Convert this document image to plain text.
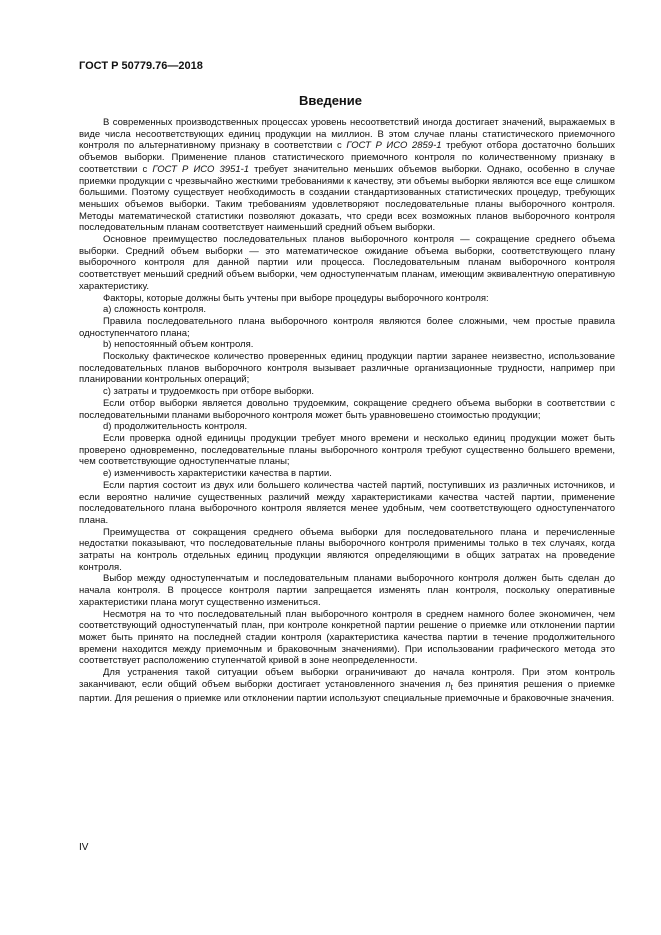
ГОСТ Р 50779.76—2018
Введение

В современных производственных процессах уровень несоответствий иногда достигает значений, выражаемых в виде числа несоответствующих единиц продукции на миллион. В этом случае планы статистического приемочного контроля по альтернативному признаку в соответствии с ГОСТ Р ИСО 2859-1 требуют отбора достаточно больших объемов выборки. Применение планов статистического приемочного контроля по количественному признаку в соответствии с ГОСТ Р ИСО 3951-1 требует значительно меньших объемов выборки. Однако, особенно в случае приемки продукции с чрезвычайно жесткими требованиями к качеству, эти объемы выборки являются все еще слишком большими. Поэтому существует необходимость в создании стандартизованных статистических процедур, требующих меньших объемов выборки. Таким требованиям удовлетворяют последовательные планы выборочного контроля. Методы математической статистики позволяют доказать, что среди всех возможных планов выборочного контроля последовательным планам соответствует наименьший средний объем выборки.

Основное преимущество последовательных планов выборочного контроля — сокращение среднего объема выборки. Средний объем выборки — это математическое ожидание объема выборки, соответствующего плану выборочного контроля для данной партии или процесса. Последовательным планам выборочного контроля соответствует меньший средний объем выборки, чем одноступенчатым планам, имеющим эквивалентную оперативную характеристику.

Факторы, которые должны быть учтены при выборе процедуры выборочного контроля:

а) сложность контроля.

Правила последовательного плана выборочного контроля являются более сложными, чем простые правила одноступенчатого плана;

b) непостоянный объем контроля.

Поскольку фактическое количество проверенных единиц продукции партии заранее неизвестно, использование последовательных планов выборочного контроля вызывает различные организационные трудности, например при планировании контрольных операций;

c) затраты и трудоемкость при отборе выборки.

Если отбор выборки является довольно трудоемким, сокращение среднего объема выборки в соответствии с последовательными планами выборочного контроля может быть уравновешено стоимостью продукции;

d) продолжительность контроля.

Если проверка одной единицы продукции требует много времени и несколько единиц продукции может быть проверено одновременно, последовательные планы выборочного контроля требуют существенно большего времени, чем соответствующие одноступенчатые планы;

e) изменчивость характеристики качества в партии.

Если партия состоит из двух или большего количества частей партий, поступивших из различных источников, и если вероятно наличие существенных различий между характеристиками качества частей партии, применение последовательного плана выборочного контроля является менее удобным, чем соответствующего одноступенчатого плана.

Преимущества от сокращения среднего объема выборки для последовательного плана и перечисленные недостатки показывают, что последовательные планы выборочного контроля применимы только в тех случаях, когда затраты на контроль отдельных единиц продукции являются определяющими в общих затратах на проведение контроля.

Выбор между одноступенчатым и последовательным планами выборочного контроля должен быть сделан до начала контроля. В процессе контроля партии запрещается изменять план контроля, поскольку оперативные характеристики плана могут существенно измениться.

Несмотря на то что последовательный план выборочного контроля в среднем намного более экономичен, чем соответствующий одноступенчатый план, при контроле конкретной партии решение о приемке или отклонении партии может быть принято на последней стадии контроля (характеристика качества партии в течение продолжительного времени находится между приемочным и браковочным значениями). При использовании графического метода это соответствует расположению ступенчатой кривой в зоне неопределенности.

Для устранения такой ситуации объем выборки ограничивают до начала контроля. При этом контроль заканчивают, если общий объем выборки достигает установленного значения $n_t$ без принятия решения о приемке партии. Для решения о приемке или отклонении партии используют специальные приемочные и браковочные значения.

IV
